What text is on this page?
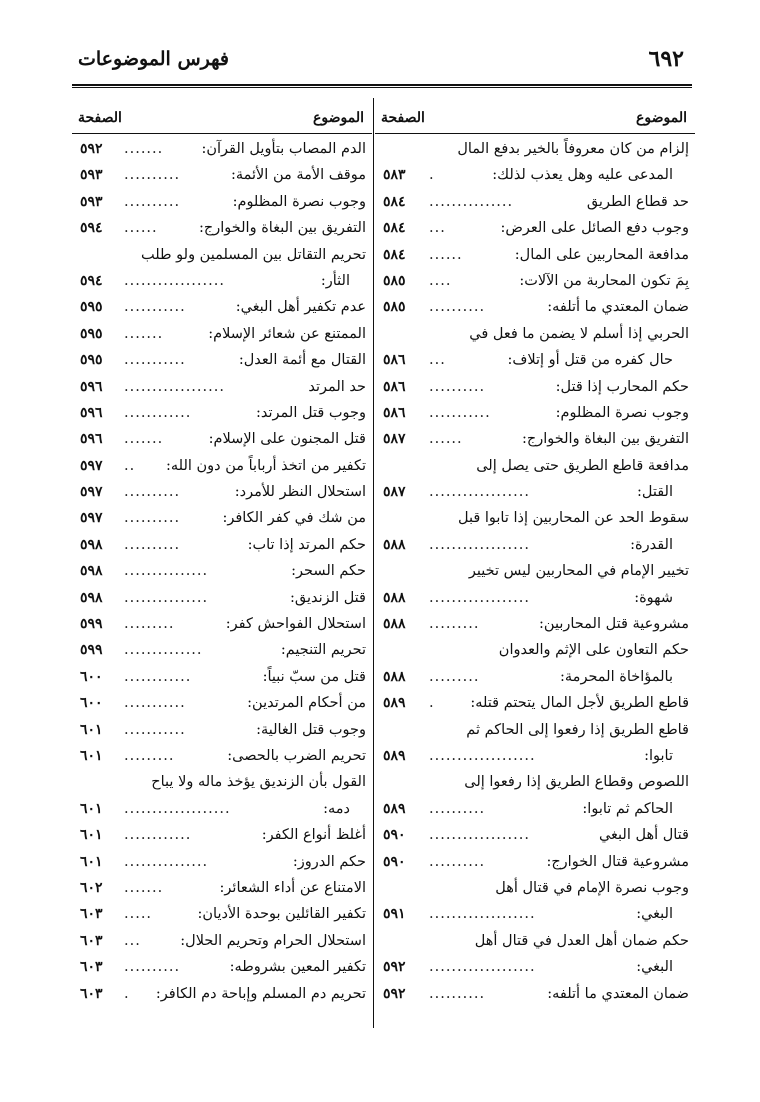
٦٩٢
فهرس الموضوعات
الموضوع
الصفحة
إلزام من كان معروفاً بالخير بدفع المال
المدعى عليه وهل يعذب لذلك:
.
٥٨٣
حد قطاع الطريق
...............
٥٨٤
وجوب دفع الصائل على العرض:
...
٥٨٤
مدافعة المحاربين على المال:
......
٥٨٤
بِمَ تكون المحاربة من الآلات:
....
٥٨٥
ضمان المعتدي ما أتلفه:
..........
٥٨٥
الحربي إذا أسلم لا يضمن ما فعل في
حال كفره من قتل أو إتلاف:
...
٥٨٦
حكم المحارب إذا قتل:
..........
٥٨٦
وجوب نصرة المظلوم:
...........
٥٨٦
التفريق بين البغاة والخوارج:
......
٥٨٧
مدافعة قاطع الطريق حتى يصل إلى
القتل:
..................
٥٨٧
سقوط الحد عن المحاربين إذا تابوا قبل
القدرة:
..................
٥٨٨
تخيير الإمام في المحاربين ليس تخيير
شهوة:
..................
٥٨٨
مشروعية قتل المحاربين:
.........
٥٨٨
حكم التعاون على الإثم والعدوان
بالمؤاخاة المحرمة:
.........
٥٨٨
قاطع الطريق لأجل المال يتحتم قتله:
.
٥٨٩
قاطع الطريق إذا رفعوا إلى الحاكم ثم
تابوا:
...................
٥٨٩
اللصوص وقطاع الطريق إذا رفعوا إلى
الحاكم ثم تابوا:
..........
٥٨٩
قتال أهل البغي
..................
٥٩٠
مشروعية قتال الخوارج:
..........
٥٩٠
وجوب نصرة الإمام في قتال أهل
البغي:
...................
٥٩١
حكم ضمان أهل العدل في قتال أهل
البغي:
...................
٥٩٢
ضمان المعتدي ما أتلفه:
..........
٥٩٢
الموضوع
الصفحة
الدم المصاب بتأويل القرآن:
.......
٥٩٢
موقف الأمة من الأئمة:
..........
٥٩٣
وجوب نصرة المظلوم:
..........
٥٩٣
التفريق بين البغاة والخوارج:
......
٥٩٤
تحريم التقاتل بين المسلمين ولو طلب
الثأر:
..................
٥٩٤
عدم تكفير أهل البغي:
...........
٥٩٥
الممتنع عن شعائر الإسلام:
.......
٥٩٥
القتال مع أئمة العدل:
...........
٥٩٥
حد المرتد
..................
٥٩٦
وجوب قتل المرتد:
............
٥٩٦
قتل المجنون على الإسلام:
.......
٥٩٦
تكفير من اتخذ أرباباً من دون الله:
..
٥٩٧
استحلال النظر للأمرد:
..........
٥٩٧
من شك في كفر الكافر:
..........
٥٩٧
حكم المرتد إذا تاب:
..........
٥٩٨
حكم السحر:
...............
٥٩٨
قتل الزنديق:
...............
٥٩٨
استحلال الفواحش كفر:
.........
٥٩٩
تحريم التنجيم:
..............
٥٩٩
قتل من سبّ نبياً:
............
٦٠٠
من أحكام المرتدين:
...........
٦٠٠
وجوب قتل الغالية:
...........
٦٠١
تحريم الضرب بالحصى:
.........
٦٠١
القول بأن الزنديق يؤخذ ماله ولا يباح
دمه:
...................
٦٠١
أغلظ أنواع الكفر:
............
٦٠١
حكم الدروز:
...............
٦٠١
الامتناع عن أداء الشعائر:
.......
٦٠٢
تكفير القائلين بوحدة الأديان:
.....
٦٠٣
استحلال الحرام وتحريم الحلال:
...
٦٠٣
تكفير المعين بشروطه:
..........
٦٠٣
تحريم دم المسلم وإباحة دم الكافر:
.
٦٠٣
